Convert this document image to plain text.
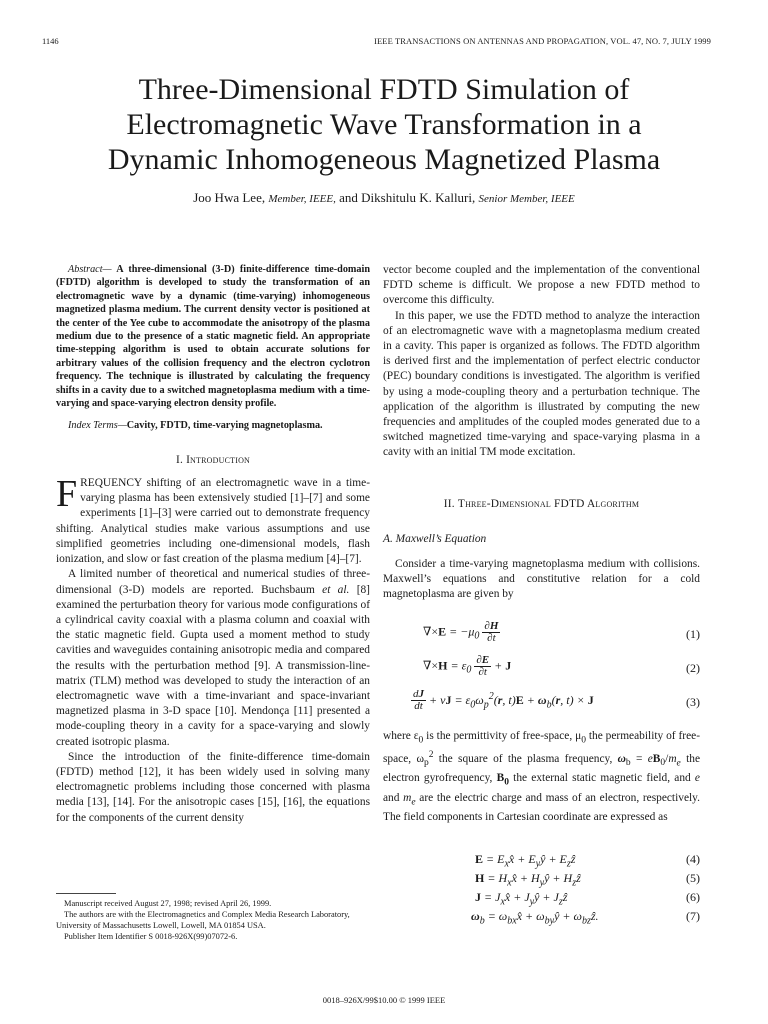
1146	IEEE TRANSACTIONS ON ANTENNAS AND PROPAGATION, VOL. 47, NO. 7, JULY 1999
Three-Dimensional FDTD Simulation of
Electromagnetic Wave Transformation in a
Dynamic Inhomogeneous Magnetized Plasma
Joo Hwa Lee, Member, IEEE, and Dikshitulu K. Kalluri, Senior Member, IEEE

Abstract— A three-dimensional (3-D) finite-difference time-domain (FDTD) algorithm is developed to study the transformation of an electromagnetic wave by a dynamic (time-varying) inhomogeneous magnetized plasma medium. The current density vector is positioned at the center of the Yee cube to accommodate the anisotropy of the plasma medium due to the presence of a static magnetic field. An appropriate time-stepping algorithm is used to obtain accurate solutions for arbitrary values of the collision frequency and the electron cyclotron frequency. The technique is illustrated by calculating the frequency shifts in a cavity due to a switched magnetoplasma medium with a time-varying and space-varying electron density profile.

Index Terms—Cavity, FDTD, time-varying magnetoplasma.

I. Introduction

FREQUENCY shifting of an electromagnetic wave in a time-varying plasma has been extensively studied [1]–[7] and some experiments [1]–[3] were carried out to demonstrate frequency shifting. Analytical studies make various assumptions and use simplified geometries including one-dimensional models, flash ionization, and slow or fast creation of the plasma medium [4]–[7].

A limited number of theoretical and numerical studies of three-dimensional (3-D) models are reported. Buchsbaum et al. [8] examined the perturbation theory for various mode configurations of a cylindrical cavity coaxial with a plasma column and coaxial with the static magnetic field. Gupta used a moment method to study cavities and waveguides containing anisotropic media and compared the results with the perturbation method [9]. A transmission-line-matrix (TLM) method was developed to study the interaction of an electromagnetic wave with a time-invariant and space-invariant magnetized plasma in 3-D space [10]. Mendonça [11] presented a mode-coupling theory in a cavity for a space-varying and slowly created isotropic plasma.

Since the introduction of the finite-difference time-domain (FDTD) method [12], it has been widely used in solving many electromagnetic problems including those concerned with plasma media [13], [14]. For the anisotropic cases [15], [16], the equations for the components of the current density

Manuscript received August 27, 1998; revised April 26, 1999.

The authors are with the Electromagnetics and Complex Media Research Laboratory, University of Massachusetts Lowell, Lowell, MA 01854 USA.

Publisher Item Identifier S 0018-926X(99)07072-6.

vector become coupled and the implementation of the conventional FDTD scheme is difficult. We propose a new FDTD method to overcome this difficulty.

In this paper, we use the FDTD method to analyze the interaction of an electromagnetic wave with a magnetoplasma medium created in a cavity. This paper is organized as follows. The FDTD algorithm is derived first and the implementation of perfect electric conductor (PEC) boundary conditions is investigated. The algorithm is verified by using a mode-coupling theory and a perturbation technique. The application of the algorithm is illustrated by computing the new frequencies and amplitudes of the coupled modes generated due to a switched magnetized time-varying and space-varying plasma in a cavity with an initial TM mode excitation.

II. Three-Dimensional FDTD Algorithm
A. Maxwell’s Equation

Consider a time-varying magnetoplasma medium with collisions. Maxwell’s equations and constitutive relation for a cold magnetoplasma are given by

$\nabla\times E = -\mu_0 \frac{\partial H}{\partial t}$	(1)
$\nabla\times H = \varepsilon_0 \frac{\partial E}{\partial t} + J$	(2)
$\frac{dJ}{dt} + \nu J = \varepsilon_0\omega_p^2(r$, $t)E + \omega_b(r$, t) × J	(3)

where $\varepsilon_0$ is the permittivity of free-space, $\mu_0$ the permeability of free-space, $\omega_p^2$ the square of the plasma frequency, $\omega_b = eB_0/m_e$ the electron gyrofrequency, $B_0$ the external static magnetic field, and e and $m_e$ are the electric charge and mass of an electron, respectively. The field components in Cartesian coordinate are expressed as

$E = E_xx̂$ + $E_yŷ$ + $E_zẑ$	(4)
$H = H_xx̂$ + $H_yŷ$ + $H_zẑ$	(5)
$J = J_xx̂$ + $J_yŷ$ + $J_zẑ$	(6)
$\omega_b$ = $\omega_{bx}x̂$ + $\omega_{by}ŷ$ + $\omega_{bz}ẑ$.	(7)
0018–926X/99$10.00 © 1999 IEEE
